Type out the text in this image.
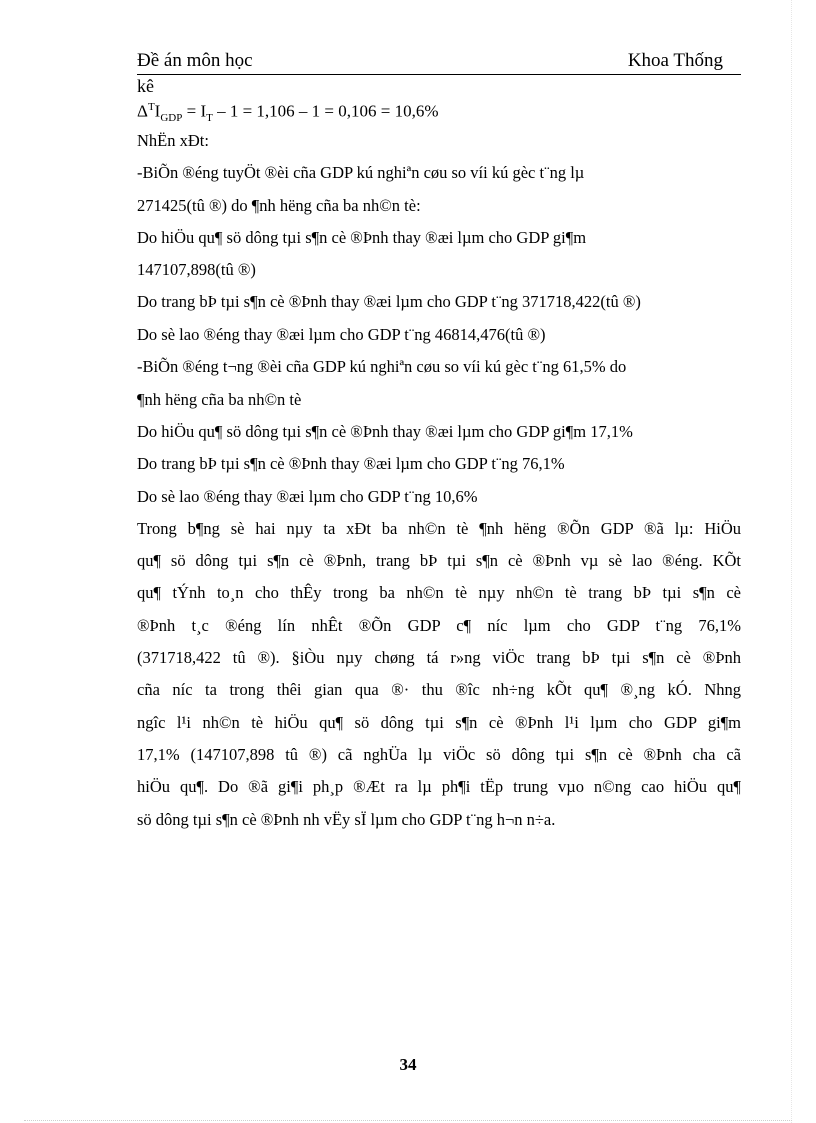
Đề án môn học	Khoa Thống
kê
$\Delta^TI_{GDP} = I_T - 1 = 1,106 - 1 = 0,106 = 10,6\%$
NhËn xÐt:
-BiÕn ®éng tuyÖt ®èi cña GDP kú nghiªn cøu so víi kú gèc t¨ng lµ
271425(tû ®) do ¶nh hëng cña ba nh©n tè:
Do hiÖu qu¶ sö dông tµi s¶n cè ®Þnh thay ®æi lµm cho GDP gi¶m
147107,898(tû ®)
Do trang bÞ tµi s¶n cè ®Þnh thay ®æi lµm cho GDP t¨ng 371718,422(tû ®)
Do sè lao ®éng thay ®æi lµm cho GDP t¨ng 46814,476(tû ®)
-BiÕn ®éng t¬ng ®èi cña GDP kú nghiªn cøu so víi kú gèc t¨ng 61,5% do
¶nh hëng cña ba nh©n tè
Do hiÖu qu¶ sö dông tµi s¶n cè ®Þnh thay ®æi lµm cho GDP gi¶m 17,1%
Do trang bÞ tµi s¶n cè ®Þnh thay ®æi lµm cho GDP t¨ng 76,1%
Do sè lao ®éng thay ®æi lµm cho GDP t¨ng 10,6%
Trong b¶ng sè hai nµy ta xÐt ba nh©n tè ¶nh hëng ®Õn GDP ®ã lµ: HiÖu
qu¶ sö dông tµi s¶n cè ®Þnh, trang bÞ tµi s¶n cè ®Þnh vµ sè lao ®éng. KÕt
qu¶ tÝnh to¸n cho thÊy trong ba nh©n tè nµy nh©n tè trang bÞ tµi s¶n cè
®Þnh t¸c ®éng lín nhÊt ®Õn GDP c¶ níc lµm cho GDP t¨ng 76,1%
(371718,422 tû ®). §iÒu nµy chøng tá r»ng viÖc trang bÞ tµi s¶n cè ®Þnh
cña níc ta trong thêi gian qua ®· thu ®îc nh÷ng kÕt qu¶ ®¸ng kÓ. Nhng
ngîc l¹i nh©n tè hiÖu qu¶ sö dông tµi s¶n cè ®Þnh l¹i lµm cho GDP gi¶m
17,1% (147107,898 tû ®) cã nghÜa lµ viÖc sö dông tµi s¶n cè ®Þnh cha cã
hiÖu qu¶. Do ®ã gi¶i ph¸p ®Æt ra lµ ph¶i tËp trung vµo n©ng cao hiÖu qu¶
sö dông tµi s¶n cè ®Þnh nh vËy sÏ lµm cho GDP t¨ng h¬n n÷a.
34
